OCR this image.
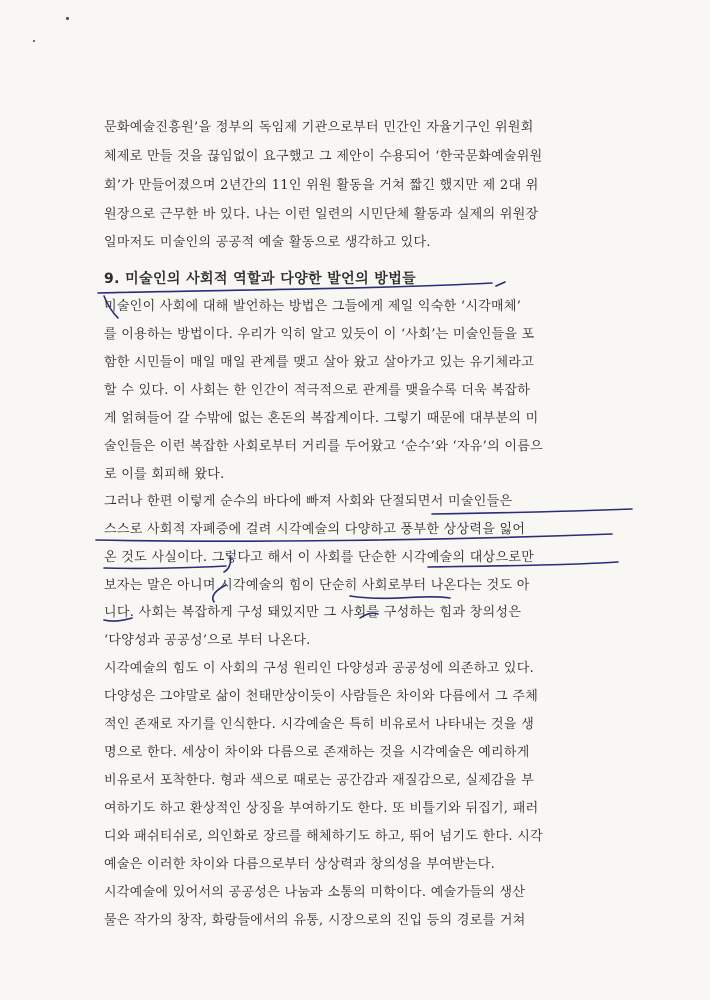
문화예술진흥원’을 정부의 독임제 기관으로부터 민간인 자율기구인 위원회
체제로 만들 것을 끊임없이 요구했고 그 제안이 수용되어 ‘한국문화예술위원
회’가 만들어졌으며 2년간의 11인 위원 활동을 거쳐 짧긴 했지만 제 2대 위
원장으로 근무한 바 있다. 나는 이런 일련의 시민단체 활동과 실제의 위원장
일마저도 미술인의 공공적 예술 활동으로 생각하고 있다.
9. 미술인의 사회적 역할과 다양한 발언의 방법들
미술인이 사회에 대해 발언하는 방법은 그들에게 제일 익숙한 ‘시각매체’
를 이용하는 방법이다. 우리가 익히 알고 있듯이 이 ‘사회’는 미술인들을 포
함한 시민들이 매일 매일 관계를 맺고 살아 왔고 살아가고 있는 유기체라고
할 수 있다. 이 사회는 한 인간이 적극적으로 관계를 맺을수록 더욱 복잡하
게 얽혀들어 갈 수밖에 없는 혼돈의 복잡계이다. 그렇기 때문에 대부분의 미
술인들은 이런 복잡한 사회로부터 거리를 두어왔고 ‘순수’와 ‘자유’의 이름으
로 이를 회피해 왔다.
그러나 한편 이렇게 순수의 바다에 빠져 사회와 단절되면서 미술인들은
스스로 사회적 자폐증에 걸려 시각예술의 다양하고 풍부한 상상력을 잃어
온 것도 사실이다. 그렇다고 해서 이 사회를 단순한 시각예술의 대상으로만
보자는 말은 아니며 시각예술의 힘이 단순히 사회로부터 나온다는 것도 아
니다. 사회는 복잡하게 구성 돼있지만 그 사회를 구성하는 힘과 창의성은
‘다양성과 공공성’으로 부터 나온다.
시각예술의 힘도 이 사회의 구성 원리인 다양성과 공공성에 의존하고 있다.
다양성은 그야말로 삶이 천태만상이듯이 사람들은 차이와 다름에서 그 주체
적인 존재로 자기를 인식한다. 시각예술은 특히 비유로서 나타내는 것을 생
명으로 한다. 세상이 차이와 다름으로 존재하는 것을 시각예술은 예리하게
비유로서 포착한다. 형과 색으로 때로는 공간감과 재질감으로, 실제감을 부
여하기도 하고 환상적인 상징을 부여하기도 한다. 또 비틀기와 뒤집기, 패러
디와 패쉬티쉬로, 의인화로 장르를 해체하기도 하고, 뛰어 넘기도 한다. 시각
예술은 이러한 차이와 다름으로부터 상상력과 창의성을 부여받는다.
시각예술에 있어서의 공공성은 나눔과 소통의 미학이다. 예술가들의 생산
물은 작가의 창작, 화랑들에서의 유통, 시장으로의 진입 등의 경로를 거쳐
